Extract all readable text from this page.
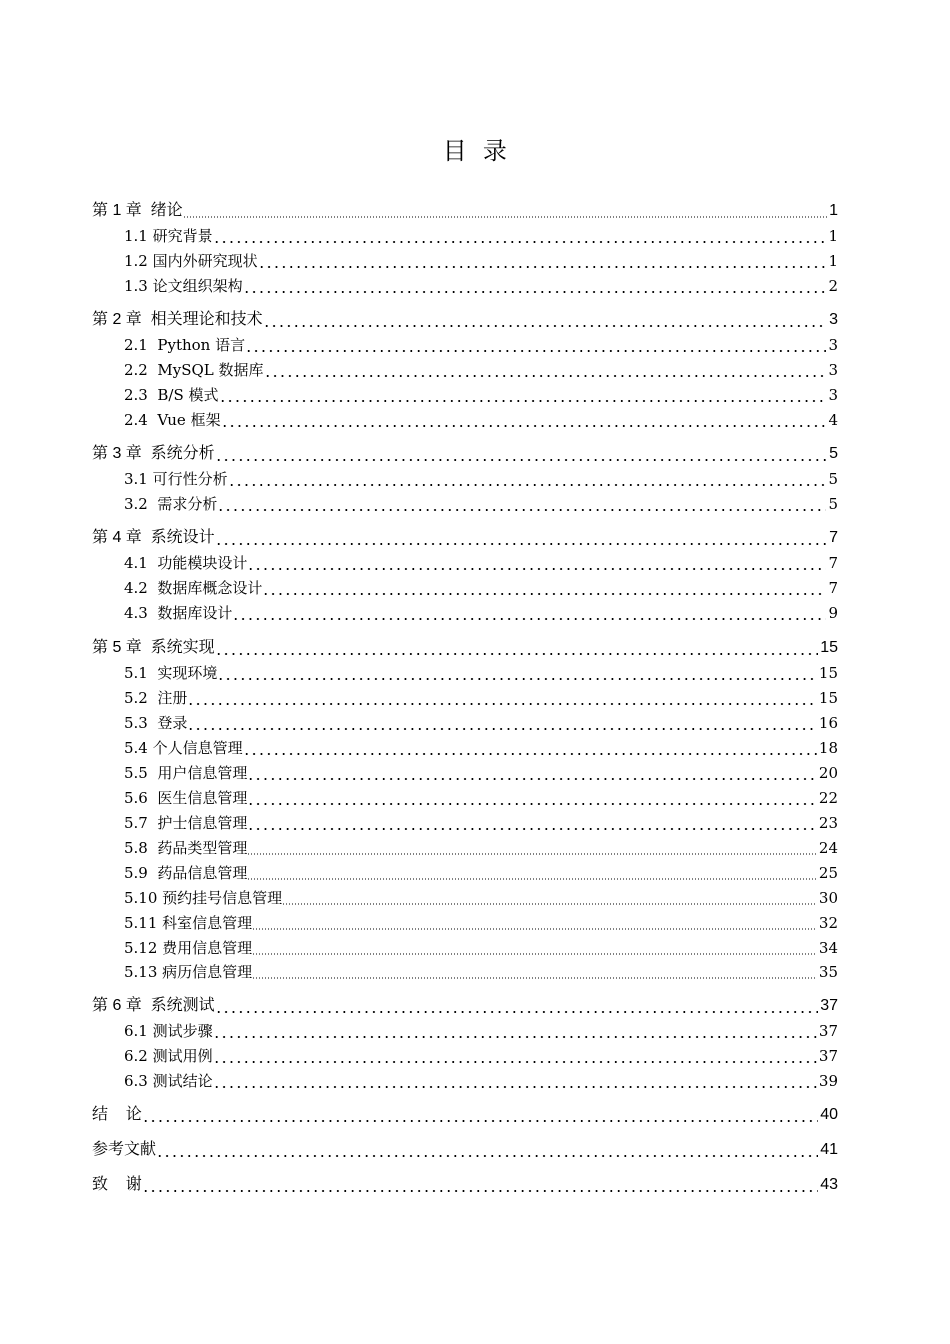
目  录
第 1 章  绪论	1
1.1 研究背景	1
1.2 国内外研究现状	1
1.3 论文组织架构	2
第 2 章  相关理论和技术	3
2.1  Python 语言	3
2.2  MySQL 数据库	3
2.3  B/S 模式	3
2.4  Vue 框架	4
第 3 章  系统分析	5
3.1 可行性分析	5
3.2  需求分析	5
第 4 章  系统设计	7
4.1  功能模块设计	7
4.2  数据库概念设计	7
4.3  数据库设计	9
第 5 章  系统实现	15
5.1  实现环境	15
5.2  注册	15
5.3  登录	16
5.4 个人信息管理	18
5.5  用户信息管理	20
5.6  医生信息管理	22
5.7  护士信息管理	23
5.8  药品类型管理	24
5.9  药品信息管理	25
5.10 预约挂号信息管理	30
5.11 科室信息管理	32
5.12 费用信息管理	34
5.13 病历信息管理	35
第 6 章  系统测试	37
6.1 测试步骤	37
6.2 测试用例	37
6.3 测试结论	39
结    论	40
参考文献	41
致    谢	43
